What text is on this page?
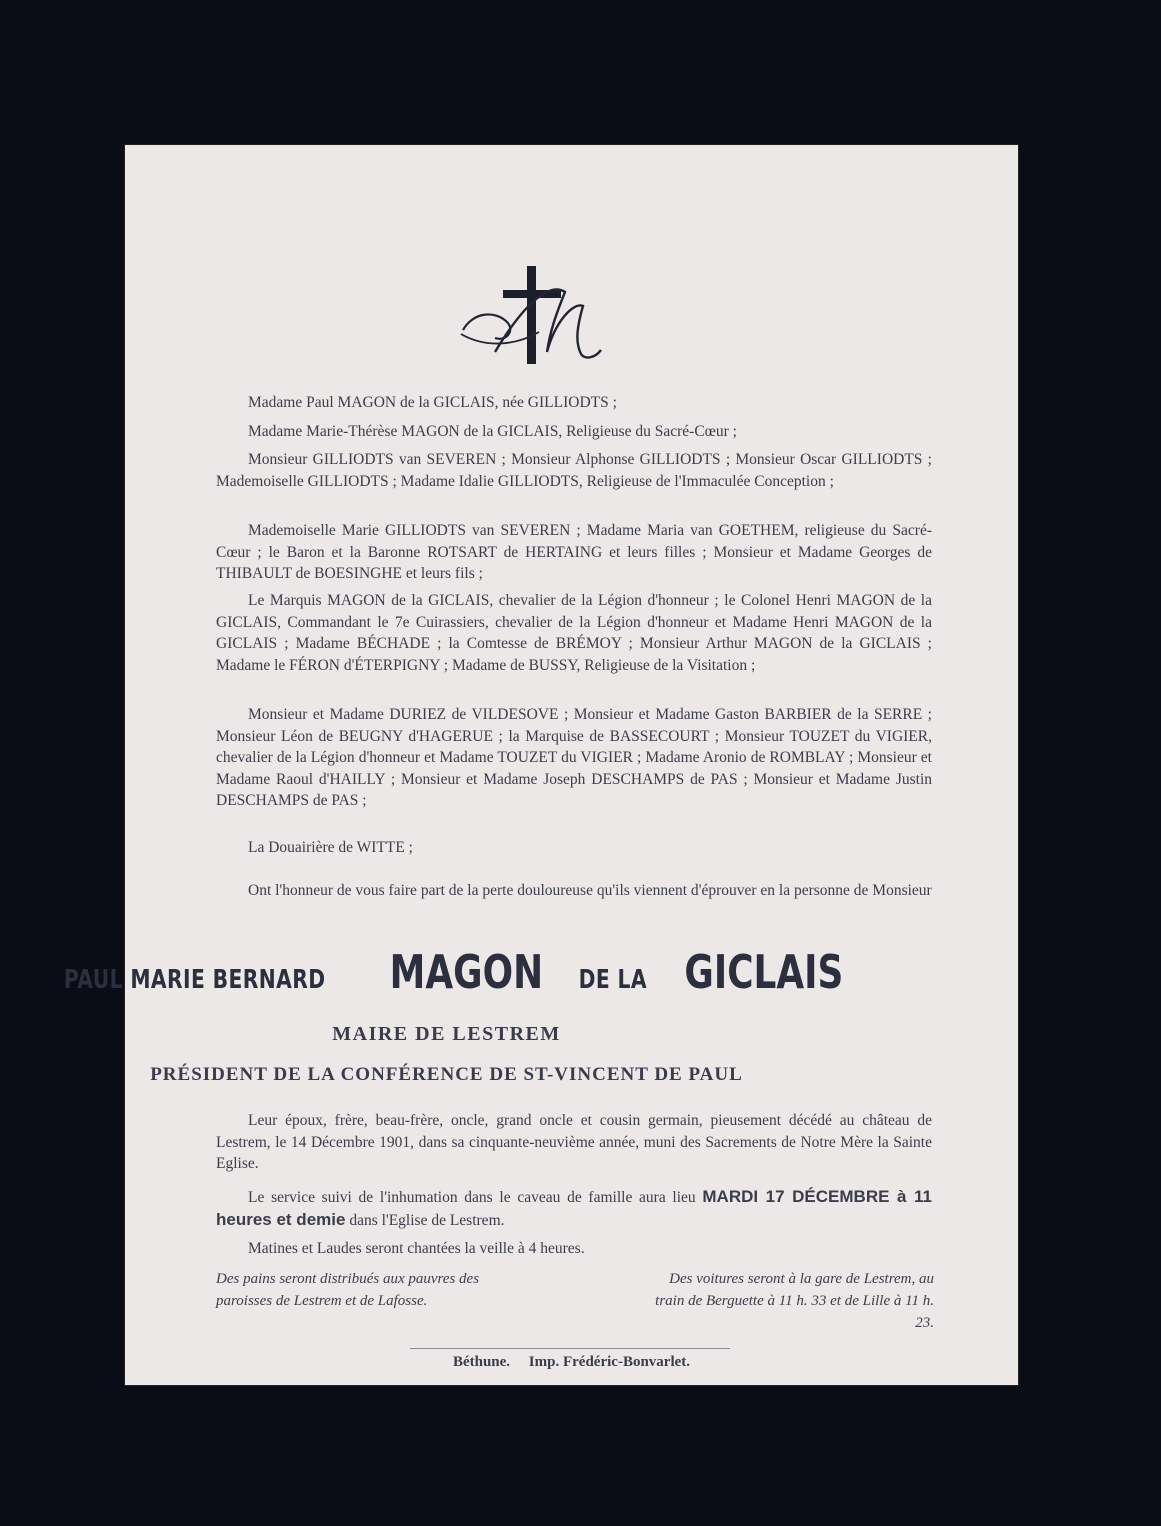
Madame Paul MAGON de la GICLAIS, née GILLIODTS ;

Madame Marie-Thérèse MAGON de la GICLAIS, Religieuse du Sacré-Cœur ;

Monsieur GILLIODTS van SEVEREN ; Monsieur Alphonse GILLIODTS ; Monsieur Oscar GILLIODTS ; Mademoiselle GILLIODTS ; Madame Idalie GILLIODTS, Religieuse de l'Immaculée Conception ;

Mademoiselle Marie GILLIODTS van SEVEREN ; Madame Maria van GOETHEM, religieuse du Sacré-Cœur ; le Baron et la Baronne ROTSART de HERTAING et leurs filles ; Monsieur et Madame Georges de THIBAULT de BOESINGHE et leurs fils ;

Le Marquis MAGON de la GICLAIS, chevalier de la Légion d'honneur ; le Colonel Henri MAGON de la GICLAIS, Commandant le 7e Cuirassiers, chevalier de la Légion d'honneur et Madame Henri MAGON de la GICLAIS ; Madame BÉCHADE ; la Comtesse de BRÉMOY ; Monsieur Arthur MAGON de la GICLAIS ; Madame le FÉRON d'ÉTERPIGNY ; Madame de BUSSY, Religieuse de la Visitation ;

Monsieur et Madame DURIEZ de VILDESOVE ; Monsieur et Madame Gaston BARBIER de la SERRE ; Monsieur Léon de BEUGNY d'HAGERUE ; la Marquise de BASSECOURT ; Monsieur TOUZET du VIGIER, chevalier de la Légion d'honneur et Madame TOUZET du VIGIER ; Madame Aronio de ROMBLAY ; Monsieur et Madame Raoul d'HAILLY ; Monsieur et Madame Joseph DESCHAMPS de PAS ; Monsieur et Madame Justin DESCHAMPS de PAS ;

La Douairière de WITTE ;

Ont l'honneur de vous faire part de la perte douloureuse qu'ils viennent d'éprouver en la personne de Monsieur

PAUL MARIE BERNARD MAGON DE LA GICLAIS
MAIRE DE LESTREM
PRÉSIDENT DE LA CONFÉRENCE DE ST-VINCENT DE PAUL

Leur époux, frère, beau-frère, oncle, grand oncle et cousin germain, pieusement décédé au château de Lestrem, le 14 Décembre 1901, dans sa cinquante-neuvième année, muni des Sacrements de Notre Mère la Sainte Eglise.

Le service suivi de l'inhumation dans le caveau de famille aura lieu MARDI 17 DÉCEMBRE à 11 heures et demie dans l'Eglise de Lestrem.

Matines et Laudes seront chantées la veille à 4 heures.

Des pains seront distribués aux pauvres des paroisses de Lestrem et de Lafosse.

Des voitures seront à la gare de Lestrem, au train de Berguette à 11 h. 33 et de Lille à 11 h. 23.

Béthune.     Imp. Frédéric-Bonvarlet.
